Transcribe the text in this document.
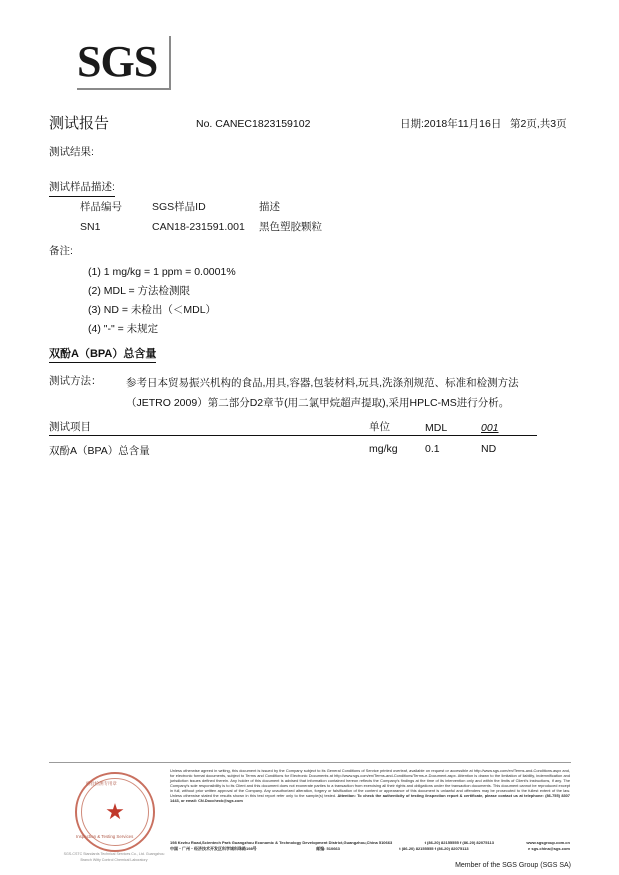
SGS
测试报告	No. CANEC1823159102	日期:2018年11月16日 第2页,共3页
测试结果:
测试样品描述:
样品编号	SGS样品ID	描述
SN1	CAN18-231591.001	黑色塑胶颗粒
备注:
(1) 1 mg/kg = 1 ppm = 0.0001%
(2) MDL = 方法检测限
(3) ND = 未检出（＜MDL）
(4) "-" = 未规定
双酚A（BPA）总含量
测试方法： 参考日本贸易振兴机构的食品,用具,容器,包装材料,玩具,洗涤剂规范、标准和检测方法（JETRO 2009）第二部分D2章节(用二氯甲烷超声提取),采用HPLC-MS进行分析。
测试项目	单位	MDL	001
双酚A（BPA）总含量	mg/kg	0.1	ND
★
检验检测专用章
Inspection & Testing Services
SGS-CSTC Standards Technical Services Co., Ltd. Guangzhou Branch Witty Control Chemical Laboratory
Unless otherwise agreed in writing, this document is issued by the Company subject to its General Conditions of Service printed overleaf, available on request or accessible at http://www.sgs.com/en/Terms-and-Conditions.aspx and, for electronic format documents, subject to Terms and Conditions for Electronic Documents at http://www.sgs.com/en/Terms-and-Conditions/Terms-e-Document.aspx. Attention is drawn to the limitation of liability, indemnification and jurisdiction issues defined therein. Any holder of this document is advised that information contained hereon reflects the Company's findings at the time of its intervention only and within the limits of Client's instructions, if any. The Company's sole responsibility is to its Client and this document does not exonerate parties to a transaction from exercising all their rights and obligations under the transaction documents. This document cannot be reproduced except in full, without prior written approval of the Company. Any unauthorized alteration, forgery or falsification of the content or appearance of this document is unlawful and offenders may be prosecuted to the fullest extent of the law. Unless otherwise stated the results shown in this test report refer only to the sample(s) tested. Attention: To check the authenticity of testing /inspection report & certificate, please contact us at telephone: (86-755) 8307 1443, or email: CN.Doccheck@sgs.com
198 Kezhu Road,Scientech Park Guangzhou Economic & Technology Development District,Guangzhou,China 510663	t (86-20) 82155555 f (86-20) 82075113	www.sgsgroup.com.cn
中国・广州・经济技术开发区科学城科珠路198号	邮编: 510663	t (86-20) 82155555 f (86-20) 82075113	e sgs.china@sgs.com
Member of the SGS Group (SGS SA)
